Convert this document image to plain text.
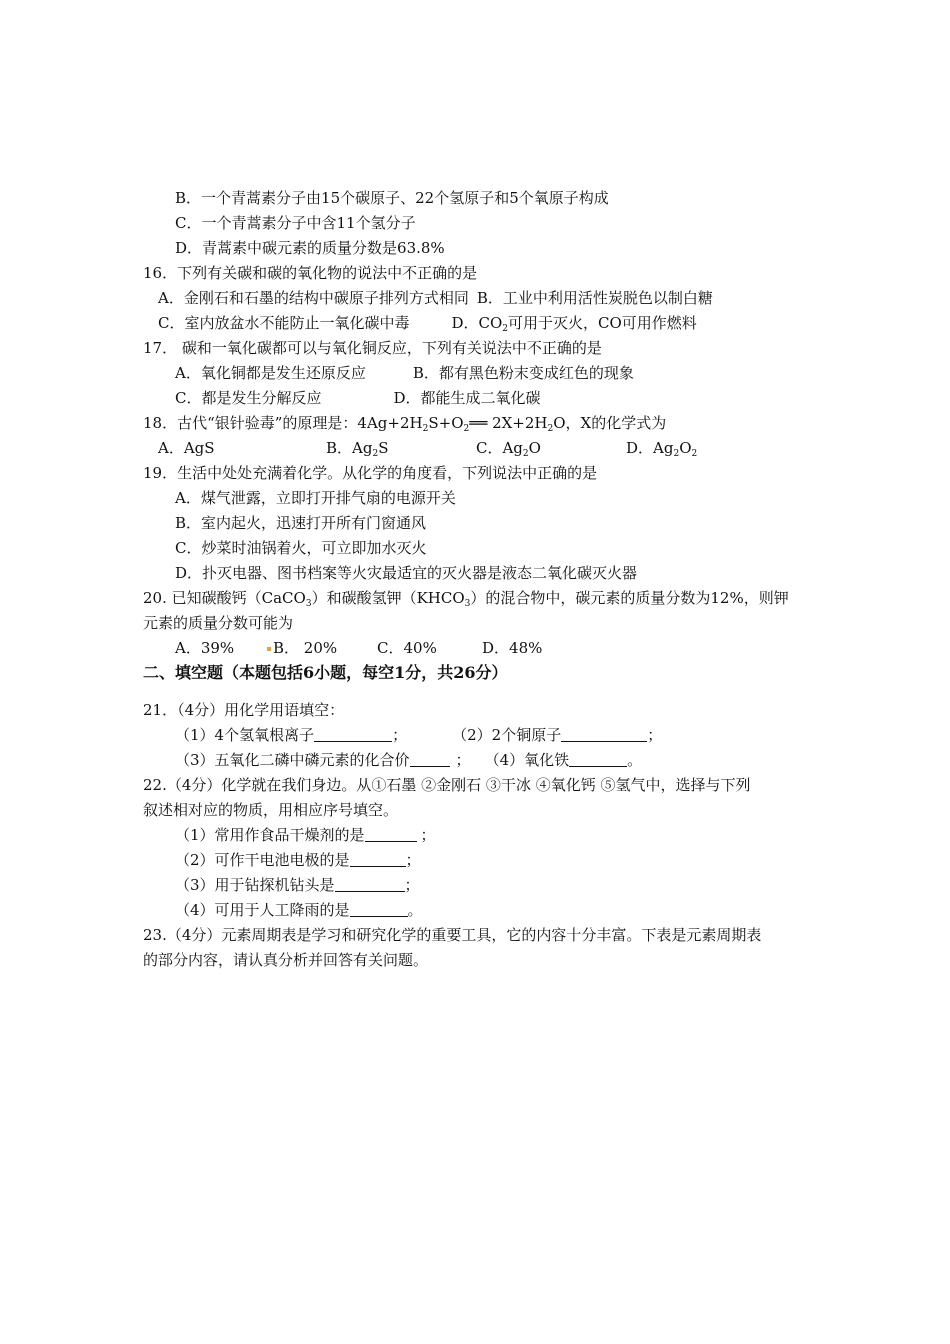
B．一个青蒿素分子由15个碳原子、22个氢原子和5个氧原子构成
C．一个青蒿素分子中含11个氢分子
D．青蒿素中碳元素的质量分数是63.8%
16．下列有关碳和碳的氧化物的说法中不正确的是
A．金刚石和石墨的结构中碳原子排列方式相同 B．工业中利用活性炭脱色以制白糖
C．室内放盆水不能防止一氧化碳中毒	D．$CO_2$可用于灭火，CO可用作燃料
17． 碳和一氧化碳都可以与氧化铜反应，下列有关说法中不正确的是
A．氧化铜都是发生还原反应	B．都有黑色粉末变成红色的现象
C．都是发生分解反应	D．都能生成二氧化碳
18．古代“银针验毒”的原理是：$4Ag+2H_2S+O_2══$ $2X+2H_2O$，X的化学式为
A．AgS	B．$Ag_2S$	C．$Ag_2O$	D．$Ag_2O_2$
19．生活中处处充满着化学。从化学的角度看，下列说法中正确的是
A．煤气泄露，立即打开排气扇的电源开关
B．室内起火，迅速打开所有门窗通风
C．炒菜时油锅着火，可立即加水灭火
D．扑灭电器、图书档案等火灾最适宜的灭火器是液态二氧化碳灭火器
20. 已知碳酸钙（CaCO$_3$）和碳酸氢钾$(KHCO_3)$的混合物中，碳元素的质量分数为12%，则钾
元素的质量分数可能为
A．39%	B． 20%	C．40%	D．48%
二、填空题（本题包括6小题，每空1分，共26分）
21．（4分）用化学用语填空：
（1）4个氢氧根离子	；	（2）2个铜原子	；
（3）五氧化二磷中磷元素的化合价	； （4）氧化铁	。
22.（4分）化学就在我们身边。从①石墨 ②金刚石 ③干冰 ④氧化钙 ⑤氢气中，选择与下列
叙述相对应的物质，用相应序号填空。
（1）常用作食品干燥剂的是	；
（2）可作干电池电极的是	；
（3）用于钻探机钻头是	；
（4）可用于人工降雨的是	。
23.（4分）元素周期表是学习和研究化学的重要工具，它的内容十分丰富。下表是元素周期表
的部分内容，请认真分析并回答有关问题。
